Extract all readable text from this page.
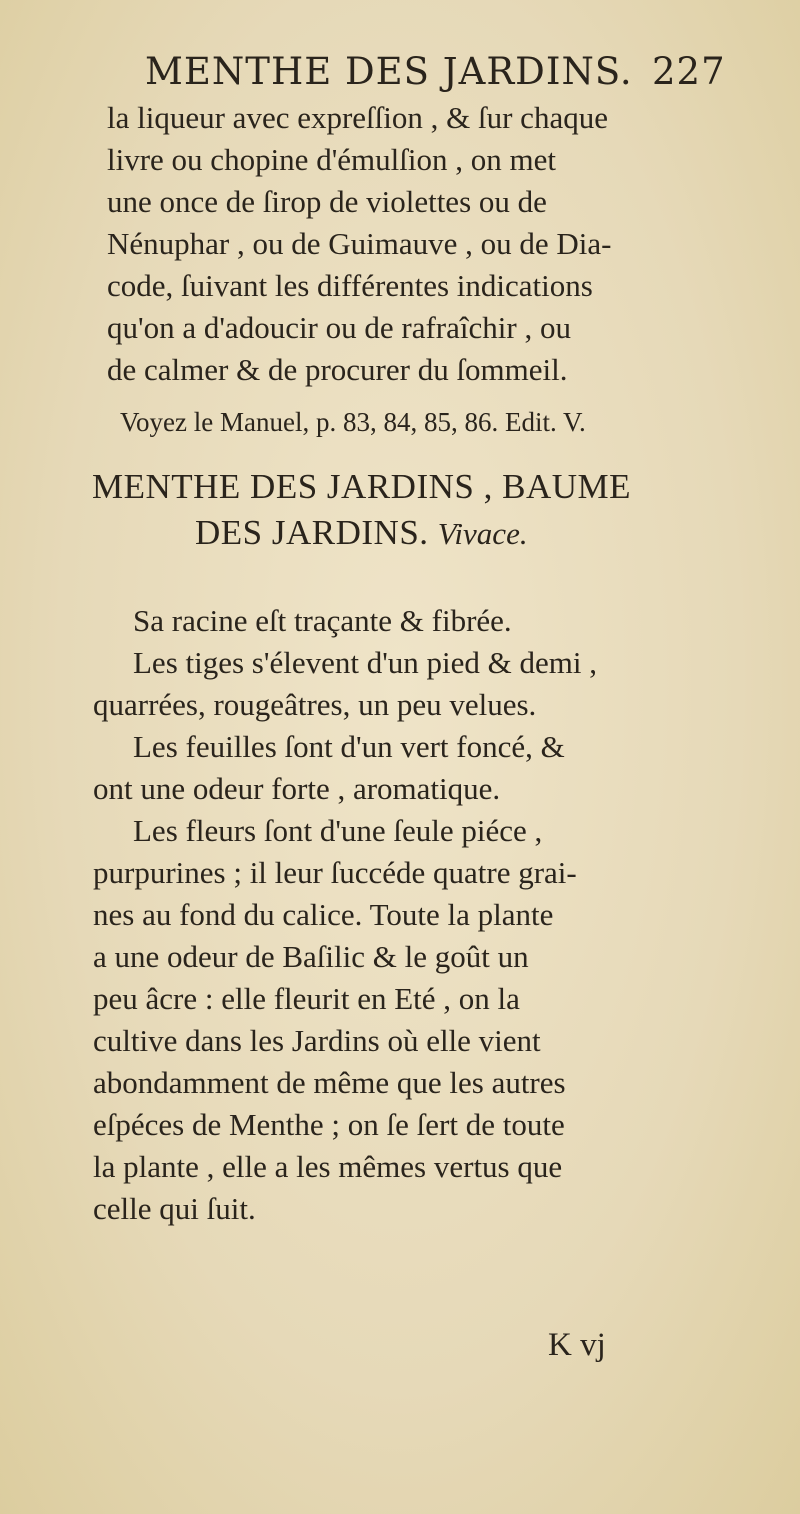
MENTHE DES JARDINS. 227
la liqueur avec expreſſion , & ſur chaque
livre ou chopine d'émulſion , on met
une once de ſirop de violettes ou de
Nénuphar , ou de Guimauve , ou de Dia-
code, ſuivant les différentes indications
qu'on a d'adoucir ou de rafraîchir , ou
de calmer & de procurer du ſommeil.
Voyez le Manuel, p. 83, 84, 85, 86. Edit. V.
MENTHE DES JARDINS , BAUME
DES JARDINS. Vivace.
Sa racine eſt traçante & fibrée.
Les tiges s'élevent d'un pied & demi ,
quarrées, rougeâtres, un peu velues.
Les feuilles ſont d'un vert foncé, &
ont une odeur forte , aromatique.
Les fleurs ſont d'une ſeule piéce ,
purpurines ; il leur ſuccéde quatre grai-
nes au fond du calice. Toute la plante
a une odeur de Baſilic & le goût un
peu âcre : elle fleurit en Eté , on la
cultive dans les Jardins où elle vient
abondamment de même que les autres
eſpéces de Menthe ; on ſe ſert de toute
la plante , elle a les mêmes vertus que
celle qui ſuit.
K vj
